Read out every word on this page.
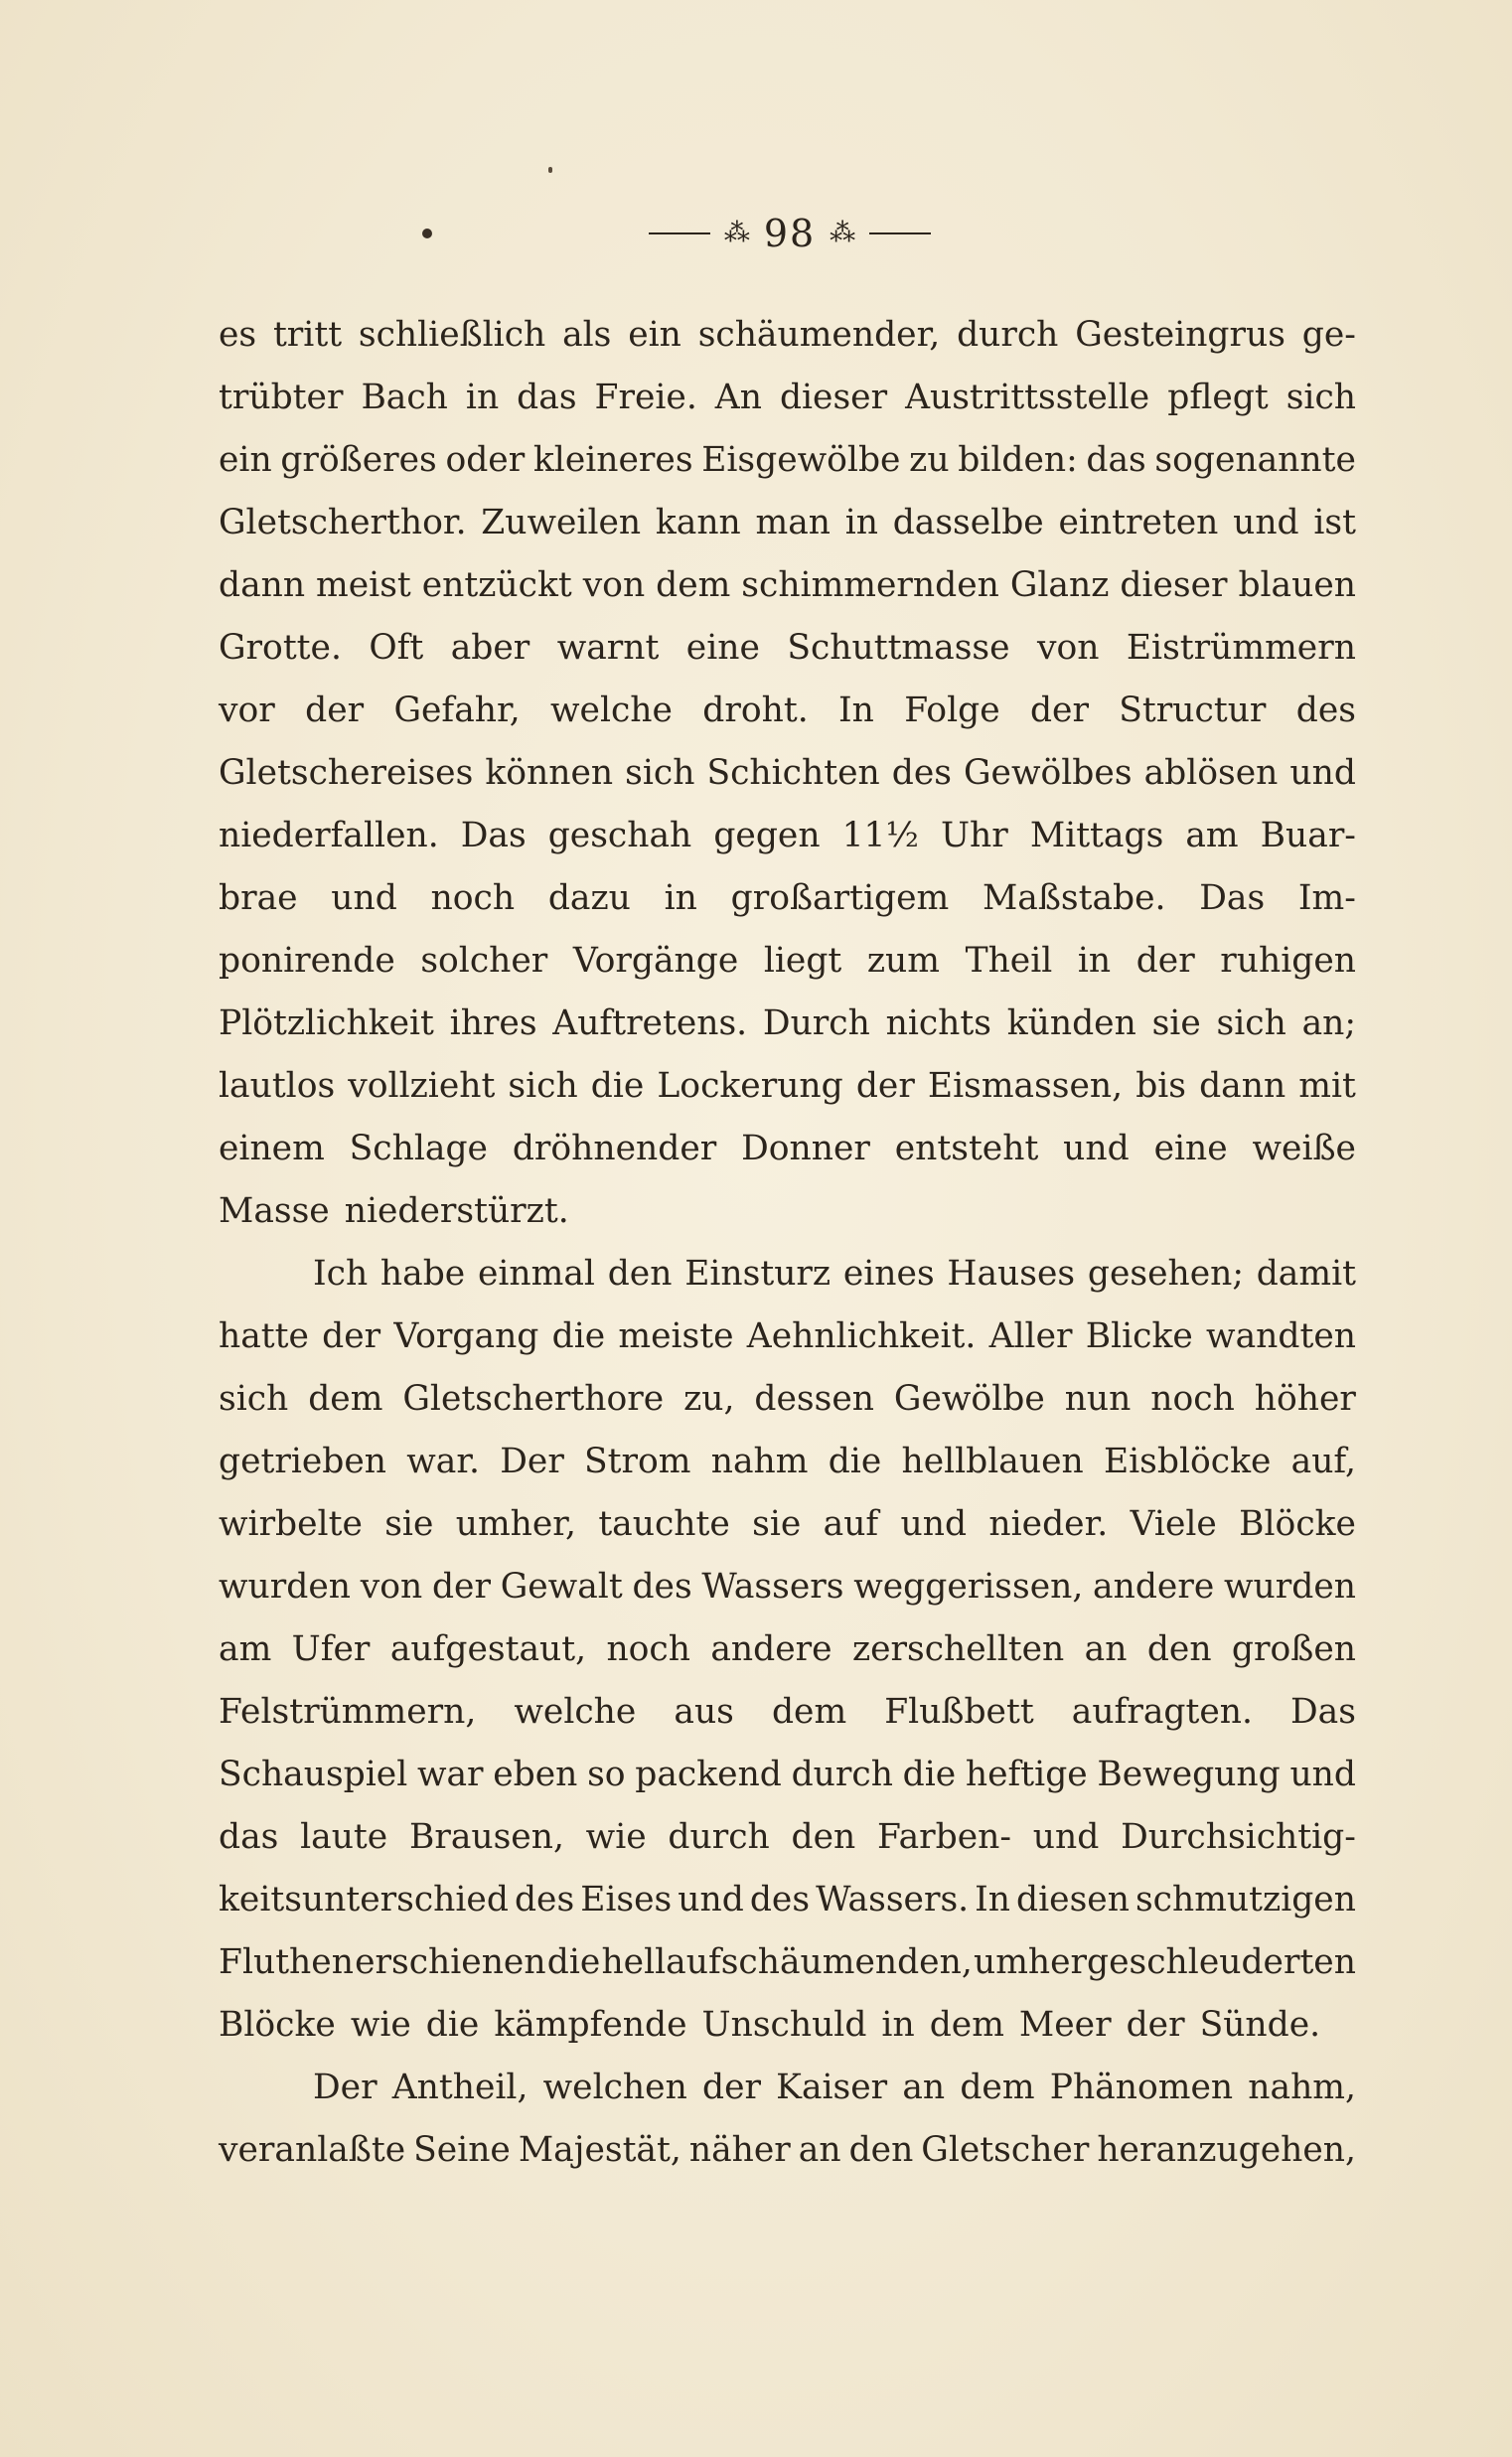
⁂ 98 ⁂
es tritt schließlich als ein schäumender, durch Gesteingrus ge-
trübter Bach in das Freie. An dieser Austrittsstelle pflegt sich
ein größeres oder kleineres Eisgewölbe zu bilden: das sogenannte
Gletscherthor. Zuweilen kann man in dasselbe eintreten und ist
dann meist entzückt von dem schimmernden Glanz dieser blauen
Grotte. Oft aber warnt eine Schuttmasse von Eistrümmern
vor der Gefahr, welche droht. In Folge der Structur des
Gletschereises können sich Schichten des Gewölbes ablösen und
niederfallen. Das geschah gegen 11½ Uhr Mittags am Buar-
brae und noch dazu in großartigem Maßstabe. Das Im-
ponirende solcher Vorgänge liegt zum Theil in der ruhigen
Plötzlichkeit ihres Auftretens. Durch nichts künden sie sich an;
lautlos vollzieht sich die Lockerung der Eismassen, bis dann mit
einem Schlage dröhnender Donner entsteht und eine weiße
Masse niederstürzt.
Ich habe einmal den Einsturz eines Hauses gesehen; damit
hatte der Vorgang die meiste Aehnlichkeit. Aller Blicke wandten
sich dem Gletscherthore zu, dessen Gewölbe nun noch höher
getrieben war. Der Strom nahm die hellblauen Eisblöcke auf,
wirbelte sie umher, tauchte sie auf und nieder. Viele Blöcke
wurden von der Gewalt des Wassers weggerissen, andere wurden
am Ufer aufgestaut, noch andere zerschellten an den großen
Felstrümmern, welche aus dem Flußbett aufragten. Das
Schauspiel war eben so packend durch die heftige Bewegung und
das laute Brausen, wie durch den Farben- und Durchsichtig-
keitsunterschied des Eises und des Wassers. In diesen schmutzigen
Fluthen erschienen die hellaufschäumenden, umhergeschleuderten
Blöcke wie die kämpfende Unschuld in dem Meer der Sünde.
Der Antheil, welchen der Kaiser an dem Phänomen nahm,
veranlaßte Seine Majestät, näher an den Gletscher heranzugehen,
